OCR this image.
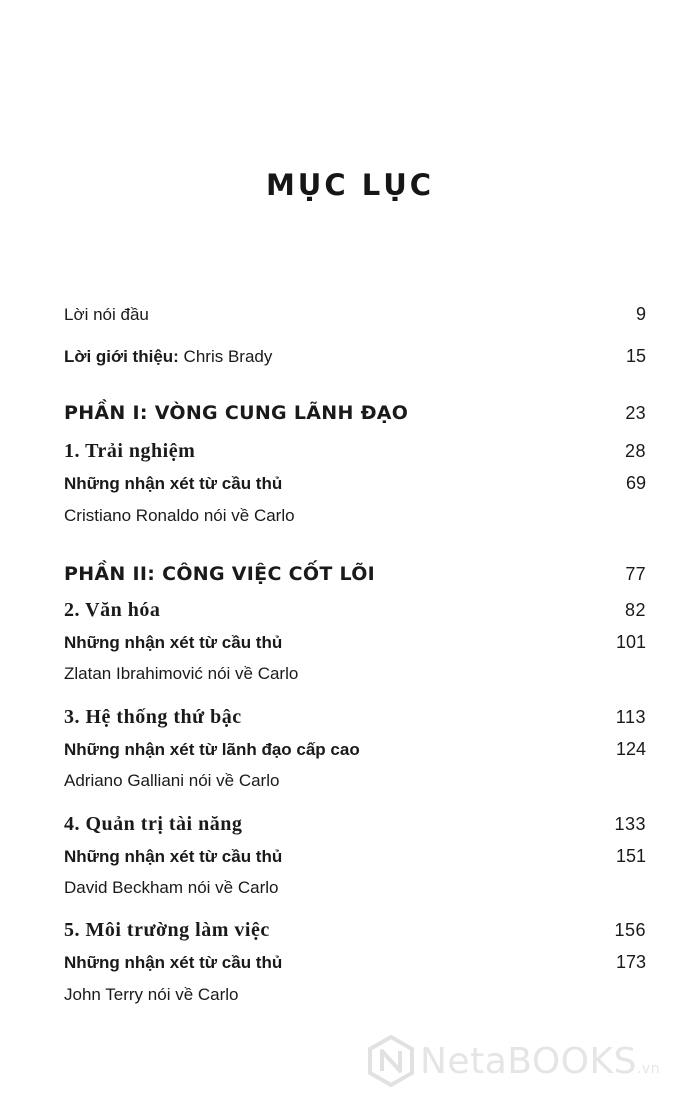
MỤC LỤC
Lời nói đầu	9
Lời giới thiệu: Chris Brady	15
PHẦN I: VÒNG CUNG LÃNH ĐẠO	23
1. Trải nghiệm	28
Những nhận xét từ cầu thủ	69
Cristiano Ronaldo nói về Carlo
PHẦN II: CÔNG VIỆC CỐT LÕI	77
2. Văn hóa	82
Những nhận xét từ cầu thủ	101
Zlatan Ibrahimović nói về Carlo
3. Hệ thống thứ bậc	113
Những nhận xét từ lãnh đạo cấp cao	124
Adriano Galliani nói về Carlo
4. Quản trị tài năng	133
Những nhận xét từ cầu thủ	151
David Beckham nói về Carlo
5. Môi trường làm việc	156
Những nhận xét từ cầu thủ	173
John Terry nói về Carlo
NetaBOOKS.vn
